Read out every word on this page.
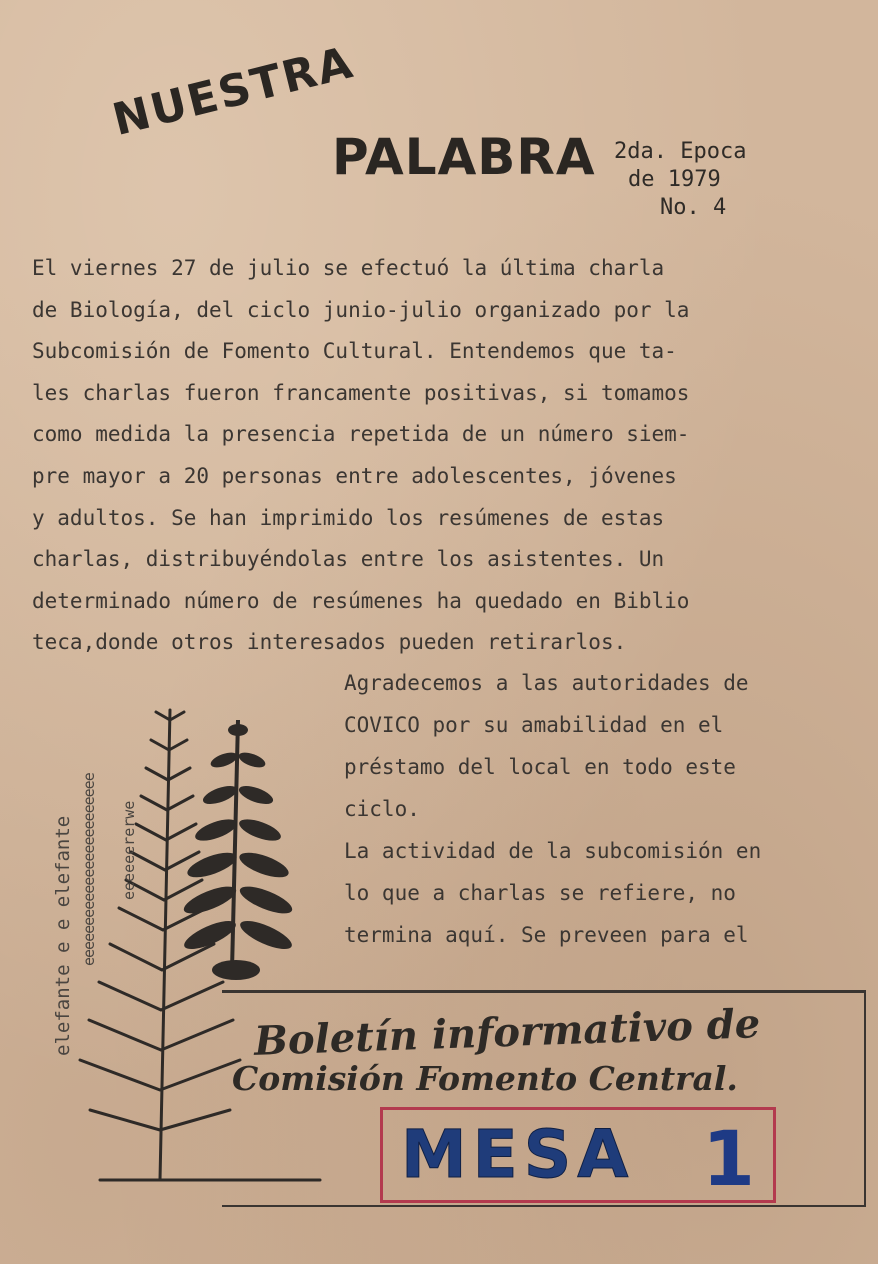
NUESTRA
PALABRA 2da. Epoca
de 1979
No. 4
El viernes 27 de julio se efectuó la última charla
de Biología, del ciclo junio-julio organizado por la
Subcomisión de Fomento Cultural. Entendemos que ta-
les charlas fueron francamente positivas, si tomamos
como medida la presencia repetida de un número siem-
pre mayor a 20 personas entre adolescentes, jóvenes
y adultos. Se han imprimido los resúmenes de estas
charlas, distribuyéndolas entre los asistentes. Un
determinado número de resúmenes ha quedado en Biblio
teca,donde otros interesados pueden retirarlos.
Agradecemos a las autoridades de
COVICO por su amabilidad en el
préstamo del local en todo este
ciclo.
La actividad de la subcomisión en
lo que a charlas se refiere, no
termina aquí. Se preveen para el
elefante e e elefante eeeeeeeeeeeeeeeeeeeeeeee eeeeeererwe
Boletín informativo de
Comisión Fomento Central.
MESA 1
